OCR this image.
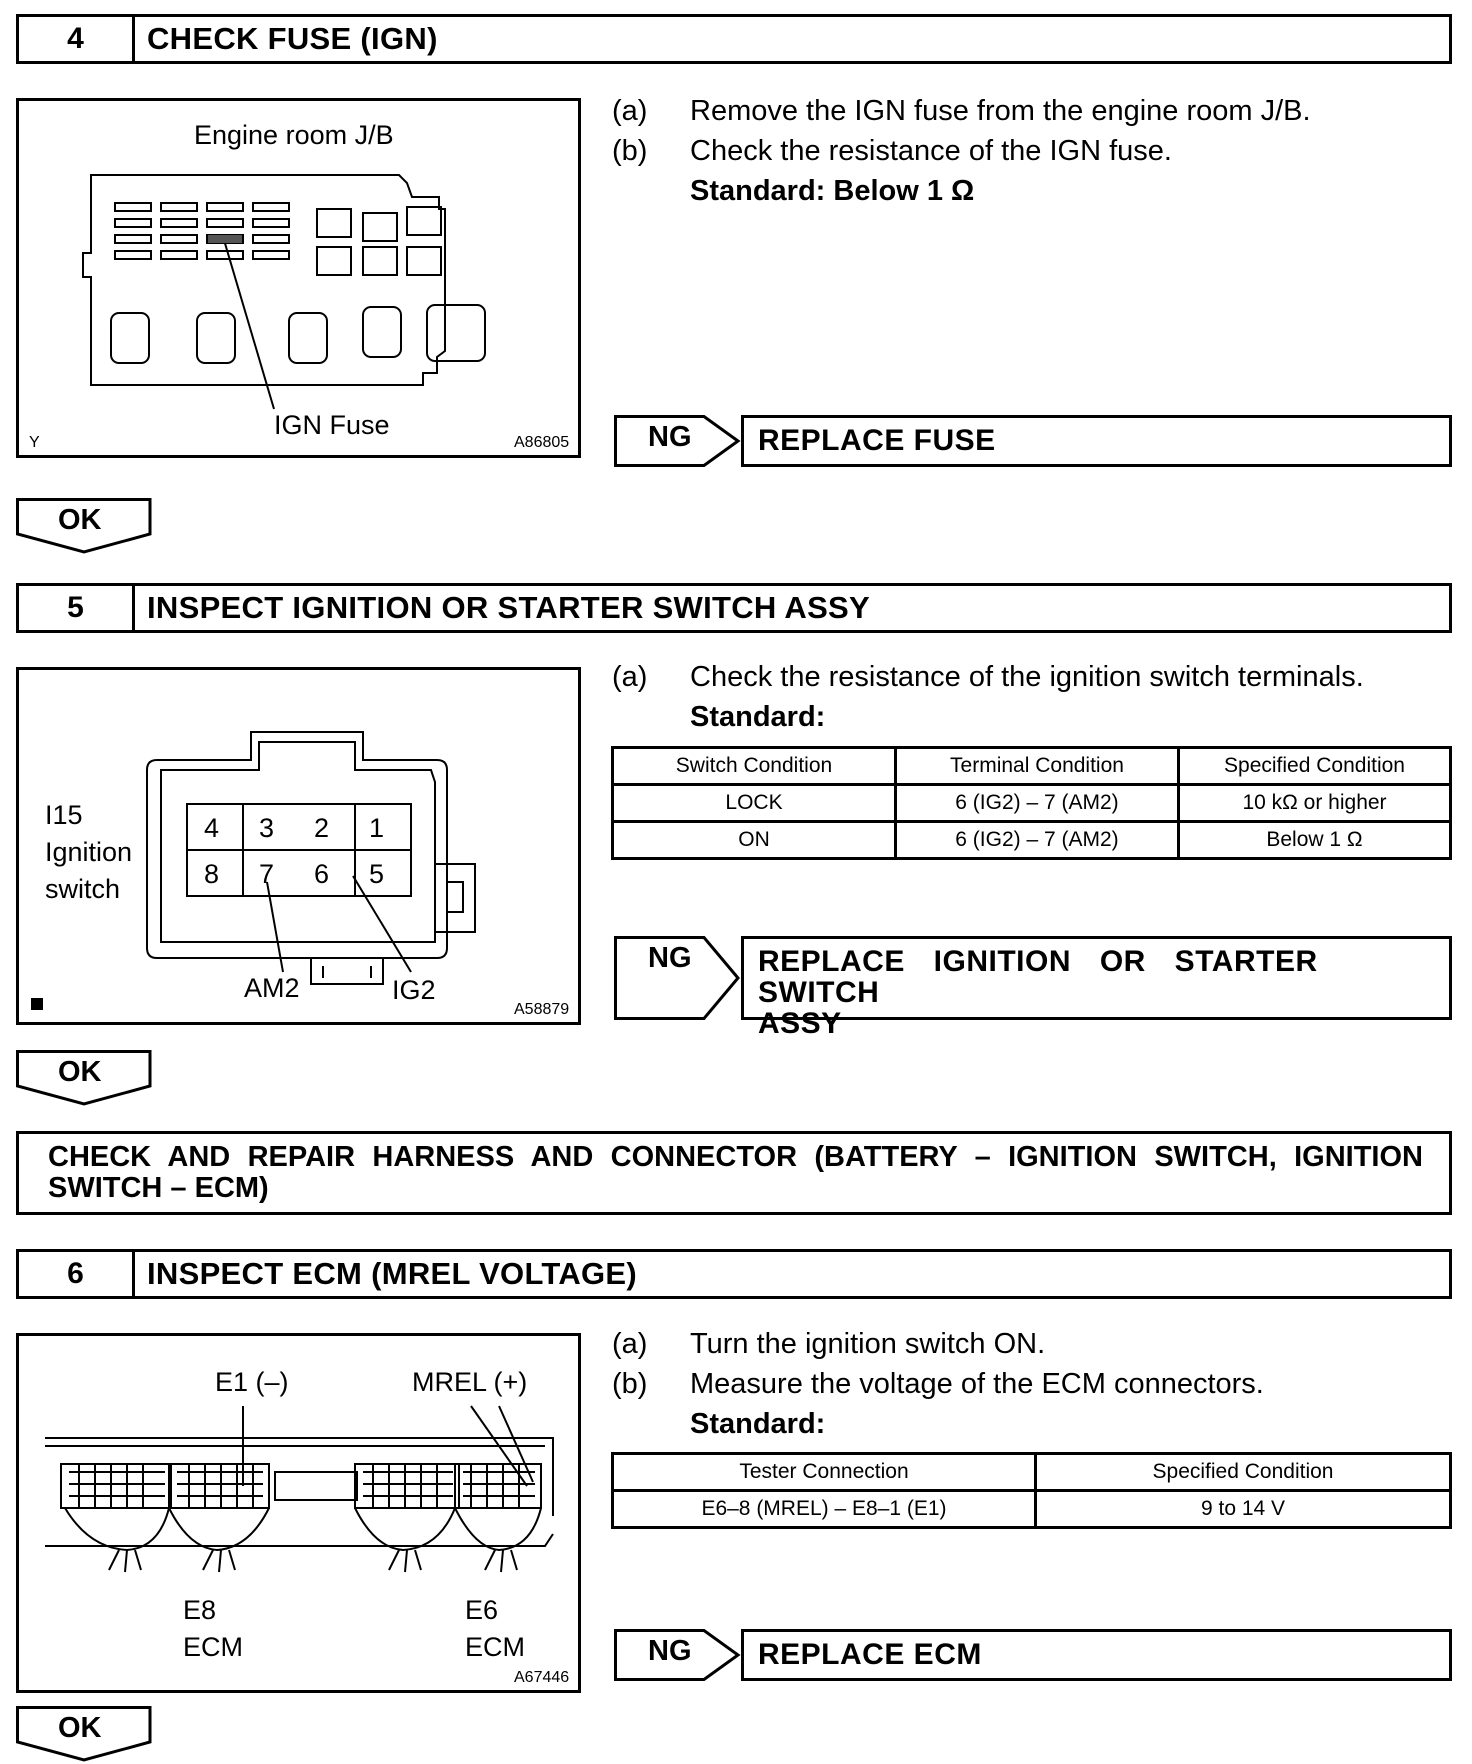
4	CHECK FUSE (IGN)
Engine room J/B
IGN Fuse
Y	A86805
(a)	Remove the IGN fuse from the engine room J/B.
(b)	Check the resistance of the IGN fuse.
Standard: Below 1 Ω
NG	REPLACE FUSE
OK
5	INSPECT IGNITION OR STARTER SWITCH ASSY
4 3 2 1
8 7 6 5
I15
Ignition
switch
AM2	IG2
A58879
(a)	Check the resistance of the ignition switch terminals.
Standard:
Switch Condition	Terminal Condition	Specified Condition
LOCK	6 (IG2) – 7 (AM2)	10 kΩ or higher
ON	6 (IG2) – 7 (AM2)	Below 1 Ω
NG REPLACE IGNITION OR STARTER SWITCH
ASSY
OK
CHECK AND REPAIR HARNESS AND CONNECTOR (BATTERY – IGNITION SWITCH, IGNITION SWITCH – ECM)
6	INSPECT ECM (MREL VOLTAGE)
E1 (–)	MREL (+)
E8
ECM
E6
ECM
A67446
(a)	Turn the ignition switch ON.
(b)	Measure the voltage of the ECM connectors.
Standard:
Tester Connection	Specified Condition
E6–8 (MREL) – E8–1 (E1)	9 to 14 V
NG	REPLACE ECM
OK
